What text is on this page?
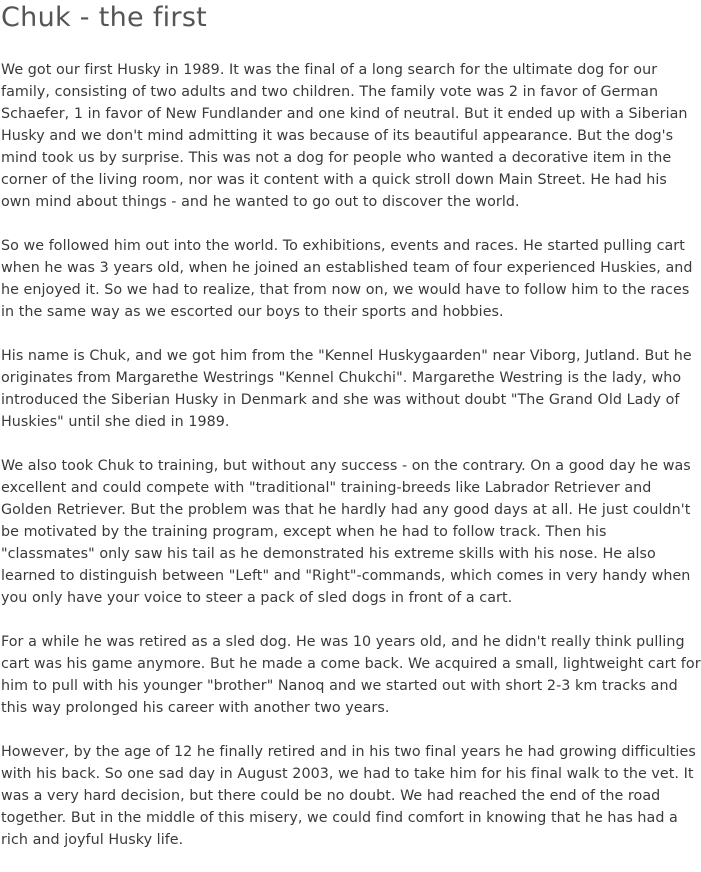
Chuk - the first

We got our first Husky in 1989. It was the final of a long search for the ultimate dog for our family, consisting of two adults and two children. The family vote was 2 in favor of German Schaefer, 1 in favor of New Fundlander and one kind of neutral. But it ended up with a Siberian Husky and we don't mind admitting it was because of its beautiful appearance. But the dog's mind took us by surprise. This was not a dog for people who wanted a decorative item in the corner of the living room, nor was it content with a quick stroll down Main Street. He had his own mind about things - and he wanted to go out to discover the world.

So we followed him out into the world. To exhibitions, events and races. He started pulling cart when he was 3 years old, when he joined an established team of four experienced Huskies, and he enjoyed it. So we had to realize, that from now on, we would have to follow him to the races in the same way as we escorted our boys to their sports and hobbies.

His name is Chuk, and we got him from the "Kennel Huskygaarden" near Viborg, Jutland. But he originates from Margarethe Westrings "Kennel Chukchi". Margarethe Westring is the lady, who introduced the Siberian Husky in Denmark and she was without doubt "The Grand Old Lady of Huskies" until she died in 1989.

We also took Chuk to training, but without any success - on the contrary. On a good day he was excellent and could compete with "traditional" training-breeds like Labrador Retriever and Golden Retriever. But the problem was that he hardly had any good days at all. He just couldn't be motivated by the training program, except when he had to follow track. Then his "classmates" only saw his tail as he demonstrated his extreme skills with his nose. He also learned to distinguish between "Left" and "Right"-commands, which comes in very handy when you only have your voice to steer a pack of sled dogs in front of a cart.

For a while he was retired as a sled dog. He was 10 years old, and he didn't really think pulling cart was his game anymore. But he made a come back. We acquired a small, lightweight cart for him to pull with his younger "brother" Nanoq and we started out with short 2-3 km tracks and this way prolonged his career with another two years.

However, by the age of 12 he finally retired and in his two final years he had growing difficulties with his back. So one sad day in August 2003, we had to take him for his final walk to the vet. It was a very hard decision, but there could be no doubt. We had reached the end of the road together. But in the middle of this misery, we could find comfort in knowing that he has had a rich and joyful Husky life.
